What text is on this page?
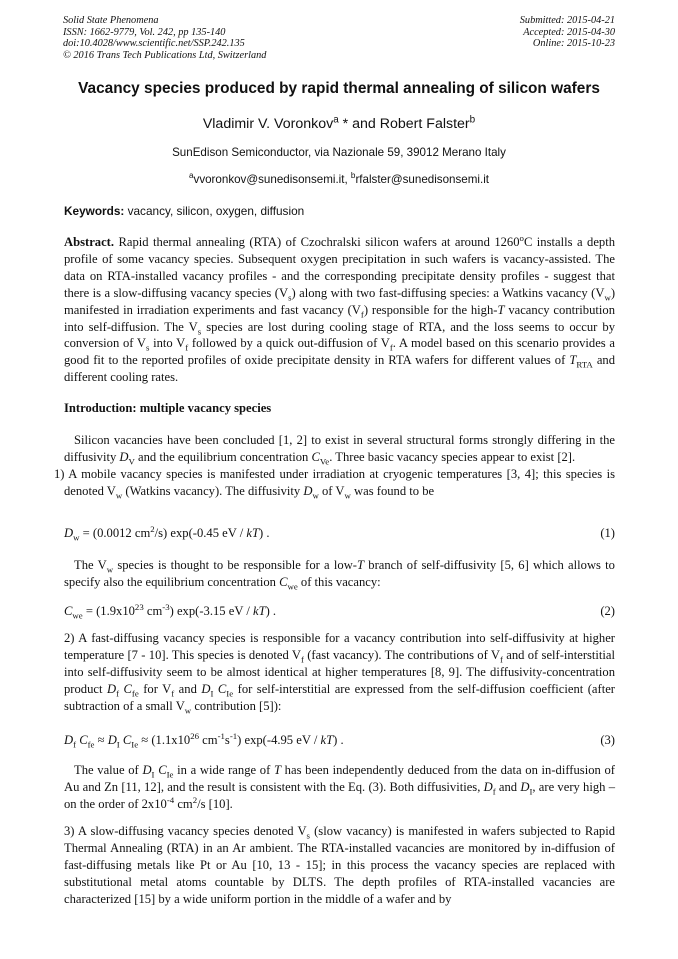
Solid State Phenomena
ISSN: 1662-9779, Vol. 242, pp 135-140
doi:10.4028/www.scientific.net/SSP.242.135
© 2016 Trans Tech Publications Ltd, Switzerland
Submitted: 2015-04-21
Accepted: 2015-04-30
Online: 2015-10-23
Vacancy species produced by rapid thermal annealing of silicon wafers
Vladimir V. Voronkov$^a$ * and Robert Falster$^b$
SunEdison Semiconductor, via Nazionale 59, 39012 Merano Italy
$^a$vvoronkov@sunedisonsemi.it, $^b$rfalster@sunedisonsemi.it
Keywords: vacancy, silicon, oxygen, diffusion
Abstract. Rapid thermal annealing (RTA) of Czochralski silicon wafers at around 1260$^o$C installs a depth profile of some vacancy species. Subsequent oxygen precipitation in such wafers is vacancy-assisted. The data on RTA-installed vacancy profiles - and the corresponding precipitate density profiles - suggest that there is a slow-diffusing vacancy species $(V_s)$ along with two fast-diffusing species: a Watkins vacancy $(V_w)$ manifested in irradiation experiments and fast vacancy $(V_f)$ responsible for the high-T vacancy contribution into self-diffusion. The $V_s$ species are lost during cooling stage of RTA, and the loss seems to occur by conversion of $V_s$ into $V_f$ followed by a quick out-diffusion of $V_f$. A model based on this scenario provides a good fit to the reported profiles of oxide precipitate density in RTA wafers for different values of $T_{RTA}$ and different cooling rates.
Introduction: multiple vacancy species
Silicon vacancies have been concluded [1, 2] to exist in several structural forms strongly differing in the diffusivity $D_V$ and the equilibrium concentration $C_{Ve}$. Three basic vacancy species appear to exist [2].
1) A mobile vacancy species is manifested under irradiation at cryogenic temperatures [3, 4]; this species is denoted $V_w$ (Watkins vacancy). The diffusivity $D_w$ of $V_w$ was found to be
$D_w = (0.0012$ $cm^2/s$) exp(-0.45 eV / kT) .	(1)
The $V_w$ species is thought to be responsible for a low-T branch of self-diffusivity [5, 6] which allows to specify also the equilibrium concentration $C_{we}$ of this vacancy:
$C_{we} = (1.9x10^{23}$ $cm^{-3}$) exp(-3.15 eV / kT) .	(2)
2) A fast-diffusing vacancy species is responsible for a vacancy contribution into self-diffusivity at higher temperature [7 - 10]. This species is denoted $V_f$ (fast vacancy). The contributions of $V_f$ and of self-interstitial into self-diffusivity seem to be almost identical at higher temperatures [8, 9]. The diffusivity-concentration product $D_f$ $C_{fe}$ for $V_f$ and $D_I$ $C_{Ie}$ for self-interstitial are expressed from the self-diffusion coefficient (after subtraction of a small $V_w$ contribution [5]):
$D_f$ $C_{fe} \approx D_I$ $C_{Ie} \approx (1.1x10^{26}$ $cm^{-1}s^{-1}$) exp(-4.95 eV / kT) .	(3)
The value of $D_I$ $C_{Ie}$ in a wide range of T has been independently deduced from the data on in-diffusion of Au and Zn [11, 12], and the result is consistent with the Eq. (3). Both diffusivities, $D_f$ and $D_I$, are very high – on the order of $2x10^{-4}$ $cm^2/s$ [10].
3) A slow-diffusing vacancy species denoted $V_s$ (slow vacancy) is manifested in wafers subjected to Rapid Thermal Annealing (RTA) in an Ar ambient. The RTA-installed vacancies are monitored by in-diffusion of fast-diffusing metals like Pt or Au [10, 13 - 15]; in this process the vacancy species are replaced with substitutional metal atoms countable by DLTS. The depth profiles of RTA-installed vacancies are characterized [15] by a wide uniform portion in the middle of a wafer and by
